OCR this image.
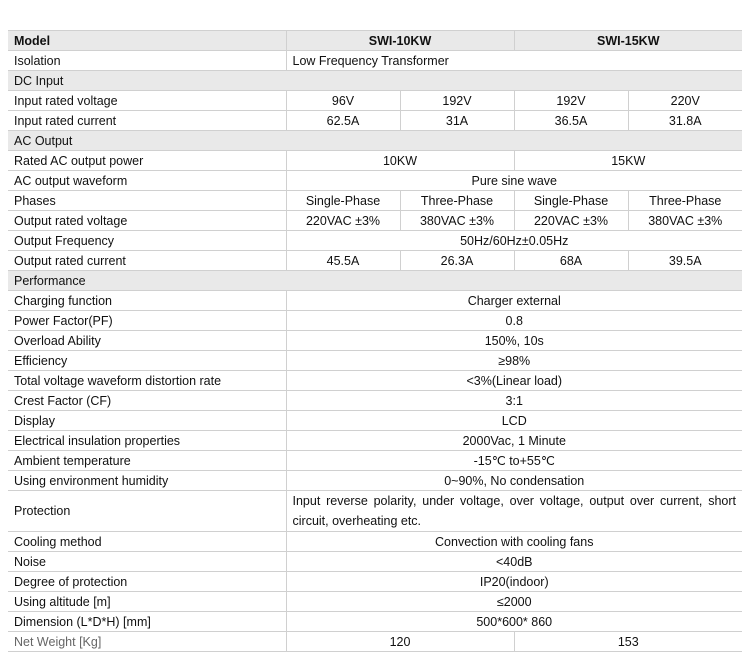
Model	SWI-10KW		SWI-15KW	
Isolation	Low Frequency Transformer			
DC Input				
Input rated voltage	96V	192V	192V	220V
Input rated current	62.5A	31A	36.5A	31.8A
AC Output				
Rated AC output power	10KW		15KW	
AC output waveform	Pure sine wave			
Phases	Single-Phase	Three-Phase	Single-Phase	Three-Phase
Output rated voltage	220VAC ±3%	380VAC ±3%	220VAC ±3%	380VAC ±3%
Output Frequency	50Hz/60Hz±0.05Hz			
Output rated current	45.5A	26.3A	68A	39.5A
Performance				
Charging function	Charger external			
Power Factor(PF)	0.8			
Overload Ability	150%, 10s			
Efficiency	≥98%			
Total voltage waveform distortion rate	<3%(Linear load)			
Crest Factor (CF)	3:1			
Display	LCD			
Electrical insulation properties	2000Vac, 1 Minute			
Ambient temperature	-15℃ to+55℃			
Using environment humidity	0~90%, No condensation			
Protection	Input reverse polarity, under voltage, over voltage, output over current, short circuit, overheating etc.			
Cooling method	Convection with cooling fans			
Noise	<40dB			
Degree of protection	IP20(indoor)			
Using altitude [m]	≤2000			
Dimension (L*D*H) [mm]	500*600* 860			
Net Weight [Kg]	120		153	
